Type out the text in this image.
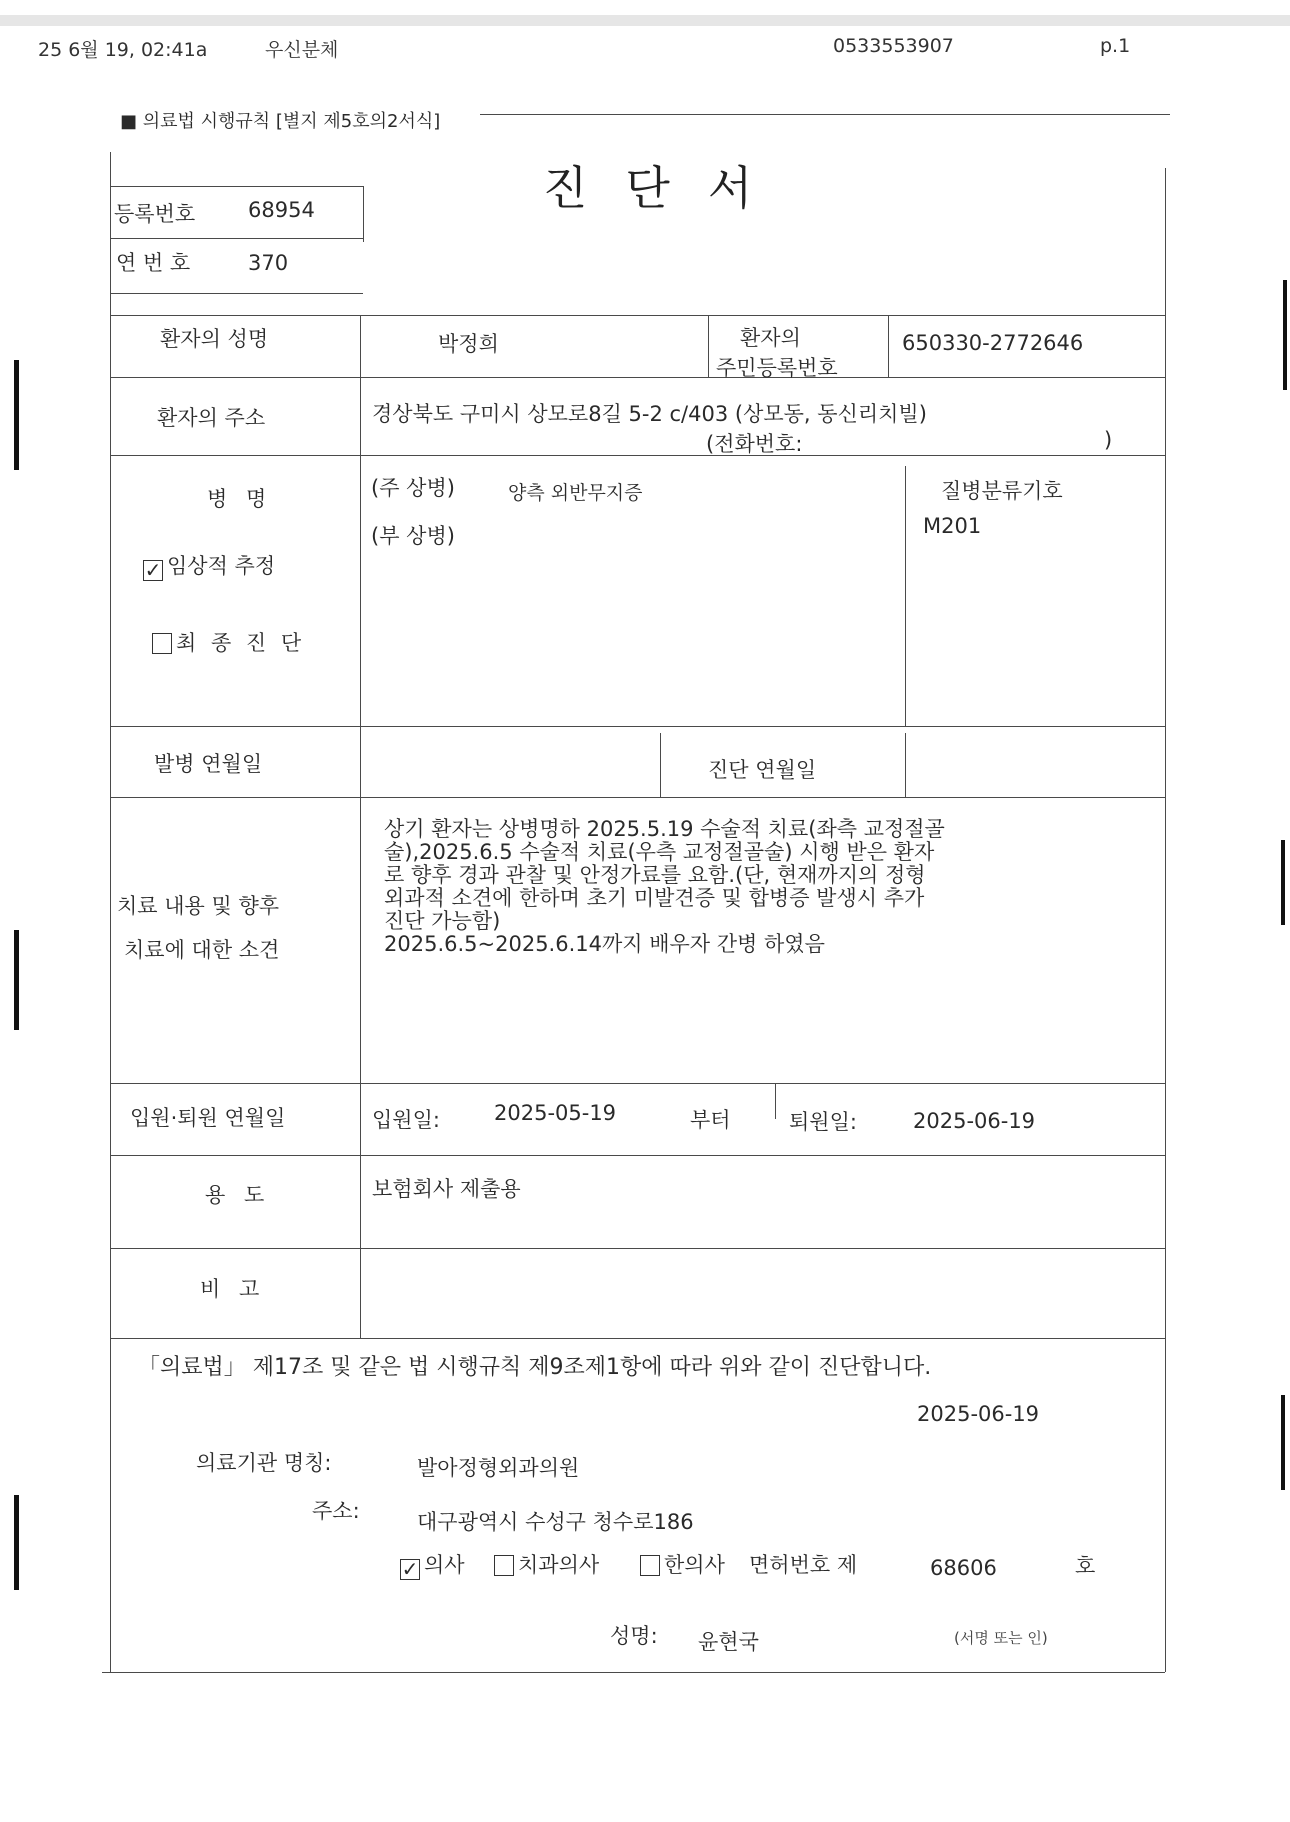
25 6월 19, 02:41a	우신분체	0533553907	p.1
■ 의료법 시행규칙 [별지 제5호의2서식]
진단서
등록번호	68954
연 번 호	370
환자의 성명	박정희	환자의
주민등록번호
650330-2772646
환자의 주소	경상북도 구미시 상모로8길 5-2 c/403 (상모동, 동신리치빌)
(전화번호:	)
병 명
✓ 임상적 추정
최 종 진 단
(주 상병)	양측 외반무지증
(부 상병)
질병분류기호
M201
발병 연월일	진단 연월일
치료 내용 및 향후
치료에 대한 소견
상기 환자는 상병명하 2025.5.19 수술적 치료(좌측 교정절골
술),2025.6.5 수술적 치료(우측 교정절골술) 시행 받은 환자
로 향후 경과 관찰 및 안정가료를 요함.(단, 현재까지의 정형
외과적 소견에 한하며 초기 미발견증 및 합병증 발생시 추가
진단 가능함)
2025.6.5~2025.6.14까지 배우자 간병 하였음
입원·퇴원 연월일	입원일:	2025-05-19	부터	퇴원일:	2025-06-19
용 도	보험회사 제출용
비 고
「의료법」 제17조 및 같은 법 시행규칙 제9조제1항에 따라 위와 같이 진단합니다.
2025-06-19
의료기관 명칭:	발아정형외과의원
주소:	대구광역시 수성구 청수로186
✓ 의사	치과의사	한의사 면허번호 제	68606	호
성명: 윤현국	(서명 또는 인)
